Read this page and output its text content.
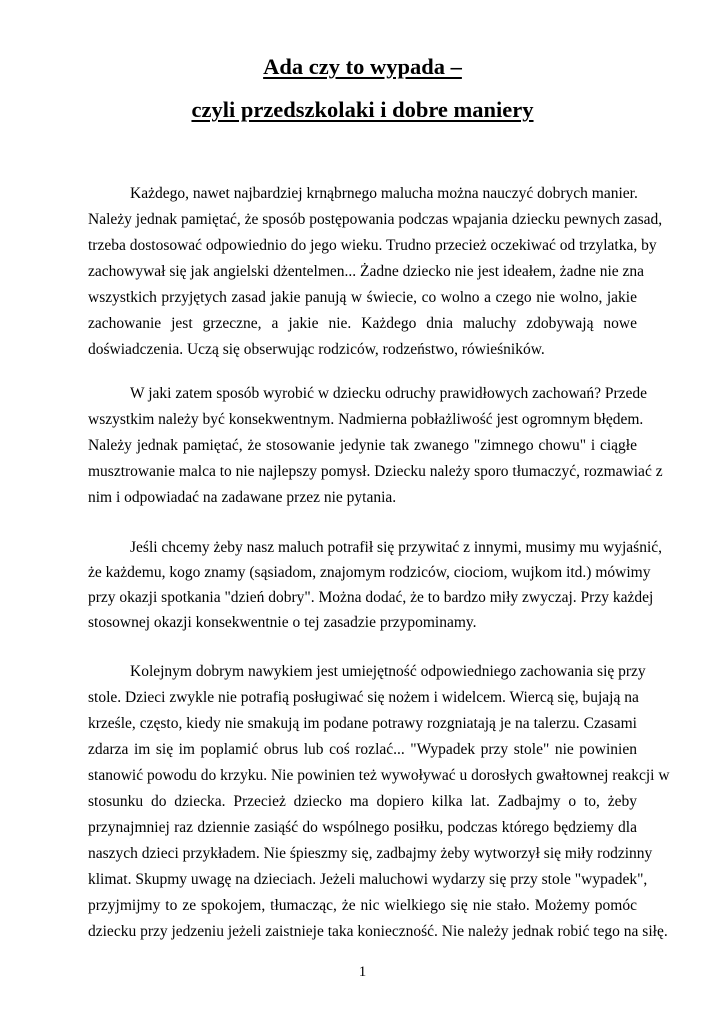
Ada czy to wypada –
czyli przedszkolaki i dobre maniery
Każdego, nawet najbardziej krnąbrnego malucha można nauczyć dobrych manier.
Należy jednak pamiętać, że sposób postępowania podczas wpajania dziecku pewnych zasad,
trzeba dostosować odpowiednio do jego wieku. Trudno przecież oczekiwać od trzylatka, by
zachowywał się jak angielski dżentelmen... Żadne dziecko nie jest ideałem, żadne nie zna
wszystkich przyjętych zasad jakie panują w świecie, co wolno a czego nie wolno, jakie
zachowanie jest grzeczne, a jakie nie. Każdego dnia maluchy zdobywają nowe
doświadczenia. Uczą się obserwując rodziców, rodzeństwo, rówieśników.
W jaki zatem sposób wyrobić w dziecku odruchy prawidłowych zachowań? Przede
wszystkim należy być konsekwentnym. Nadmierna pobłażliwość jest ogromnym błędem.
Należy jednak pamiętać, że stosowanie jedynie tak zwanego "zimnego chowu" i ciągłe
musztrowanie malca to nie najlepszy pomysł. Dziecku należy sporo tłumaczyć, rozmawiać z
nim i odpowiadać na zadawane przez nie pytania.
Jeśli chcemy żeby nasz maluch potrafił się przywitać z innymi, musimy mu wyjaśnić,
że każdemu, kogo znamy (sąsiadom, znajomym rodziców, ciociom, wujkom itd.) mówimy
przy okazji spotkania "dzień dobry". Można dodać, że to bardzo miły zwyczaj. Przy każdej
stosownej okazji konsekwentnie o tej zasadzie przypominamy.
Kolejnym dobrym nawykiem jest umiejętność odpowiedniego zachowania się przy
stole. Dzieci zwykle nie potrafią posługiwać się nożem i widelcem. Wiercą się, bujają na
krześle, często, kiedy nie smakują im podane potrawy rozgniatają je na talerzu. Czasami
zdarza im się im poplamić obrus lub coś rozlać... "Wypadek przy stole" nie powinien
stanowić powodu do krzyku. Nie powinien też wywoływać u dorosłych gwałtownej reakcji w
stosunku do dziecka. Przecież dziecko ma dopiero kilka lat. Zadbajmy o to, żeby
przynajmniej raz dziennie zasiąść do wspólnego posiłku, podczas którego będziemy dla
naszych dzieci przykładem. Nie śpieszmy się, zadbajmy żeby wytworzył się miły rodzinny
klimat. Skupmy uwagę na dzieciach. Jeżeli maluchowi wydarzy się przy stole "wypadek",
przyjmijmy to ze spokojem, tłumacząc, że nic wielkiego się nie stało. Możemy pomóc
dziecku przy jedzeniu jeżeli zaistnieje taka konieczność. Nie należy jednak robić tego na siłę.
1
